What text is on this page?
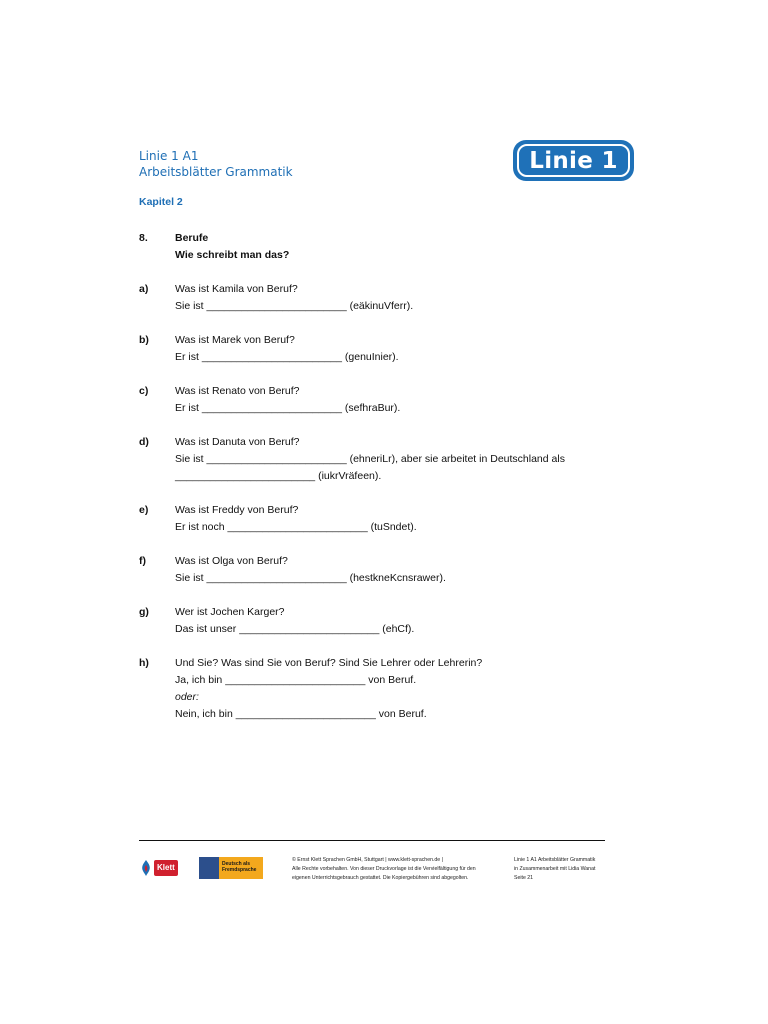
Linie 1 A1
Arbeitsblätter Grammatik	Linie 1
Kapitel 2
8.	Berufe
Wie schreibt man das?
a)	Was ist Kamila von Beruf?
Sie ist ________________________ (eäkinuVferr).
b)	Was ist Marek von Beruf?
Er ist ________________________ (genuInier).
c)	Was ist Renato von Beruf?
Er ist ________________________ (sefhraBur).
d)	Was ist Danuta von Beruf?
Sie ist ________________________ (ehneriLr), aber sie arbeitet in Deutschland als
________________________ (iukrVräfeen).
e)	Was ist Freddy von Beruf?
Er ist noch ________________________ (tuSndet).
f)	Was ist Olga von Beruf?
Sie ist ________________________ (hestkneKcnsrawer).
g)	Wer ist Jochen Karger?
Das ist unser ________________________ (ehCf).
h)	Und Sie? Was sind Sie von Beruf? Sind Sie Lehrer oder Lehrerin?
Ja, ich bin ________________________ von Beruf.
oder:
Nein, ich bin ________________________ von Beruf.
Klett	Deutsch als
Fremdsprache
© Ernst Klett Sprachen GmbH, Stuttgart | www.klett-sprachen.de |
Alle Rechte vorbehalten. Von dieser Druckvorlage ist die Vervielfältigung für den
eigenen Unterrichtsgebrauch gestattet. Die Kopiergebühren sind abgegolten.
Linie 1 A1 Arbeitsblätter Grammatik
in Zusammenarbeit mit Lidia Wanat
Seite 21
